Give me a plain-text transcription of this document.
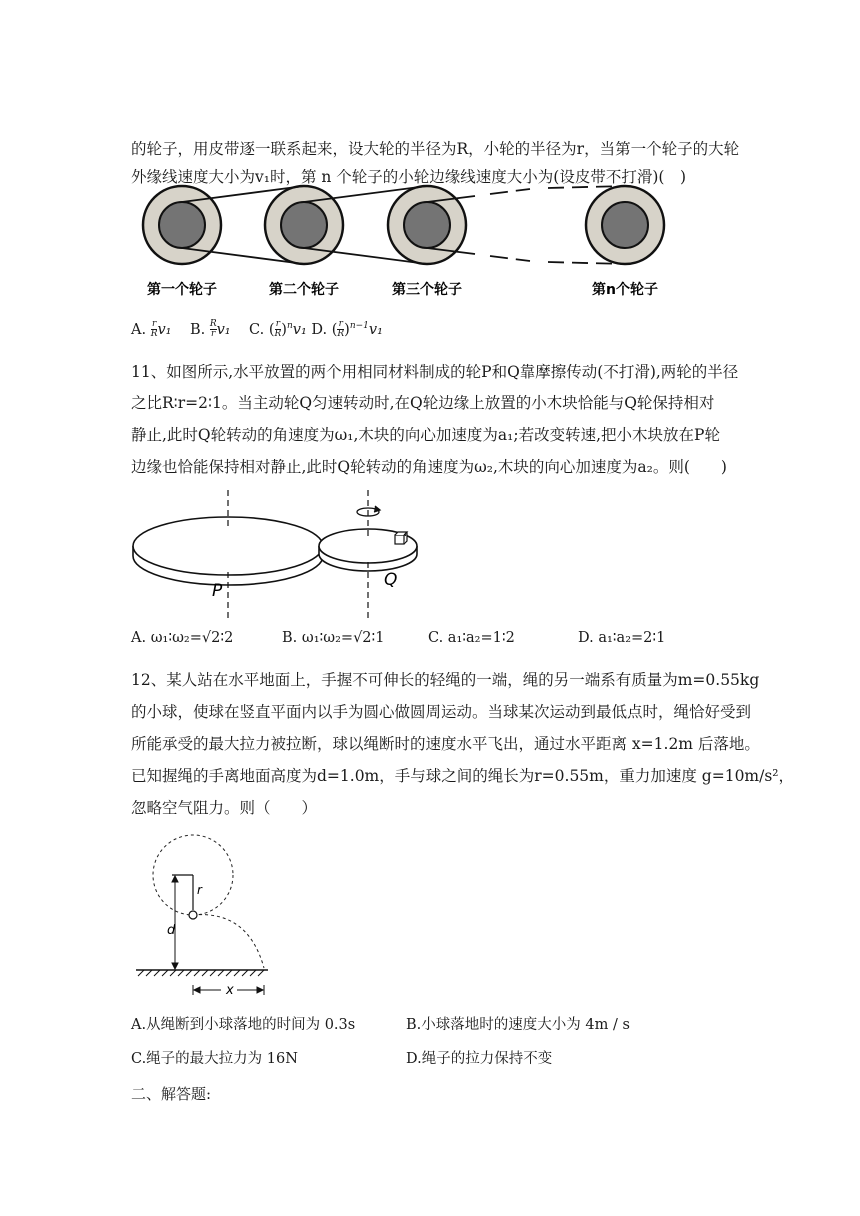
的轮子，用皮带逐一联系起来，设大轮的半径为R，小轮的半径为r，当第一个轮子的大轮

外缘线速度大小为v₁时，第 n 个轮子的小轮边缘线速度大小为(设皮带不打滑)(　)

第一个轮子	第二个轮子	第三个轮子	第n个轮子
A. $\frac{r}{R} v_1$ B. $\frac{R}{r} v_1$ C. ( $\frac{r}{R} )^nv_1$ D. ( $\frac{r}{R} )^{n-1}v_1$

11、如图所示,水平放置的两个用相同材料制成的轮P和Q靠摩擦传动(不打滑),两轮的半径

之比R∶r=2∶1。当主动轮Q匀速转动时,在Q轮边缘上放置的小木块恰能与Q轮保持相对

静止,此时Q轮转动的角速度为ω₁,木块的向心加速度为a₁;若改变转速,把小木块放在P轮

边缘也恰能保持相对静止,此时Q轮转动的角速度为ω₂,木块的向心加速度为a₂。则(　　)

P
Q
A. ω₁∶ω₂=√2∶2	B. ω₁∶ω₂=√2∶1	C. a₁∶a₂=1∶2	D. a₁∶a₂=2∶1

12、某人站在水平地面上，手握不可伸长的轻绳的一端，绳的另一端系有质量为m=0.55kg

的小球，使球在竖直平面内以手为圆心做圆周运动。当球某次运动到最低点时，绳恰好受到

所能承受的最大拉力被拉断，球以绳断时的速度水平飞出，通过水平距离 x=1.2m 后落地。

已知握绳的手离地面高度为d=1.0m，手与球之间的绳长为r=0.55m，重力加速度 g=10m/s²，

忽略空气阻力。则（　　）

r
d
x
A.从绳断到小球落地的时间为 0.3s	B.小球落地时的速度大小为 4m / s
C.绳子的最大拉力为 16N	D.绳子的拉力保持不变
二、解答题:
